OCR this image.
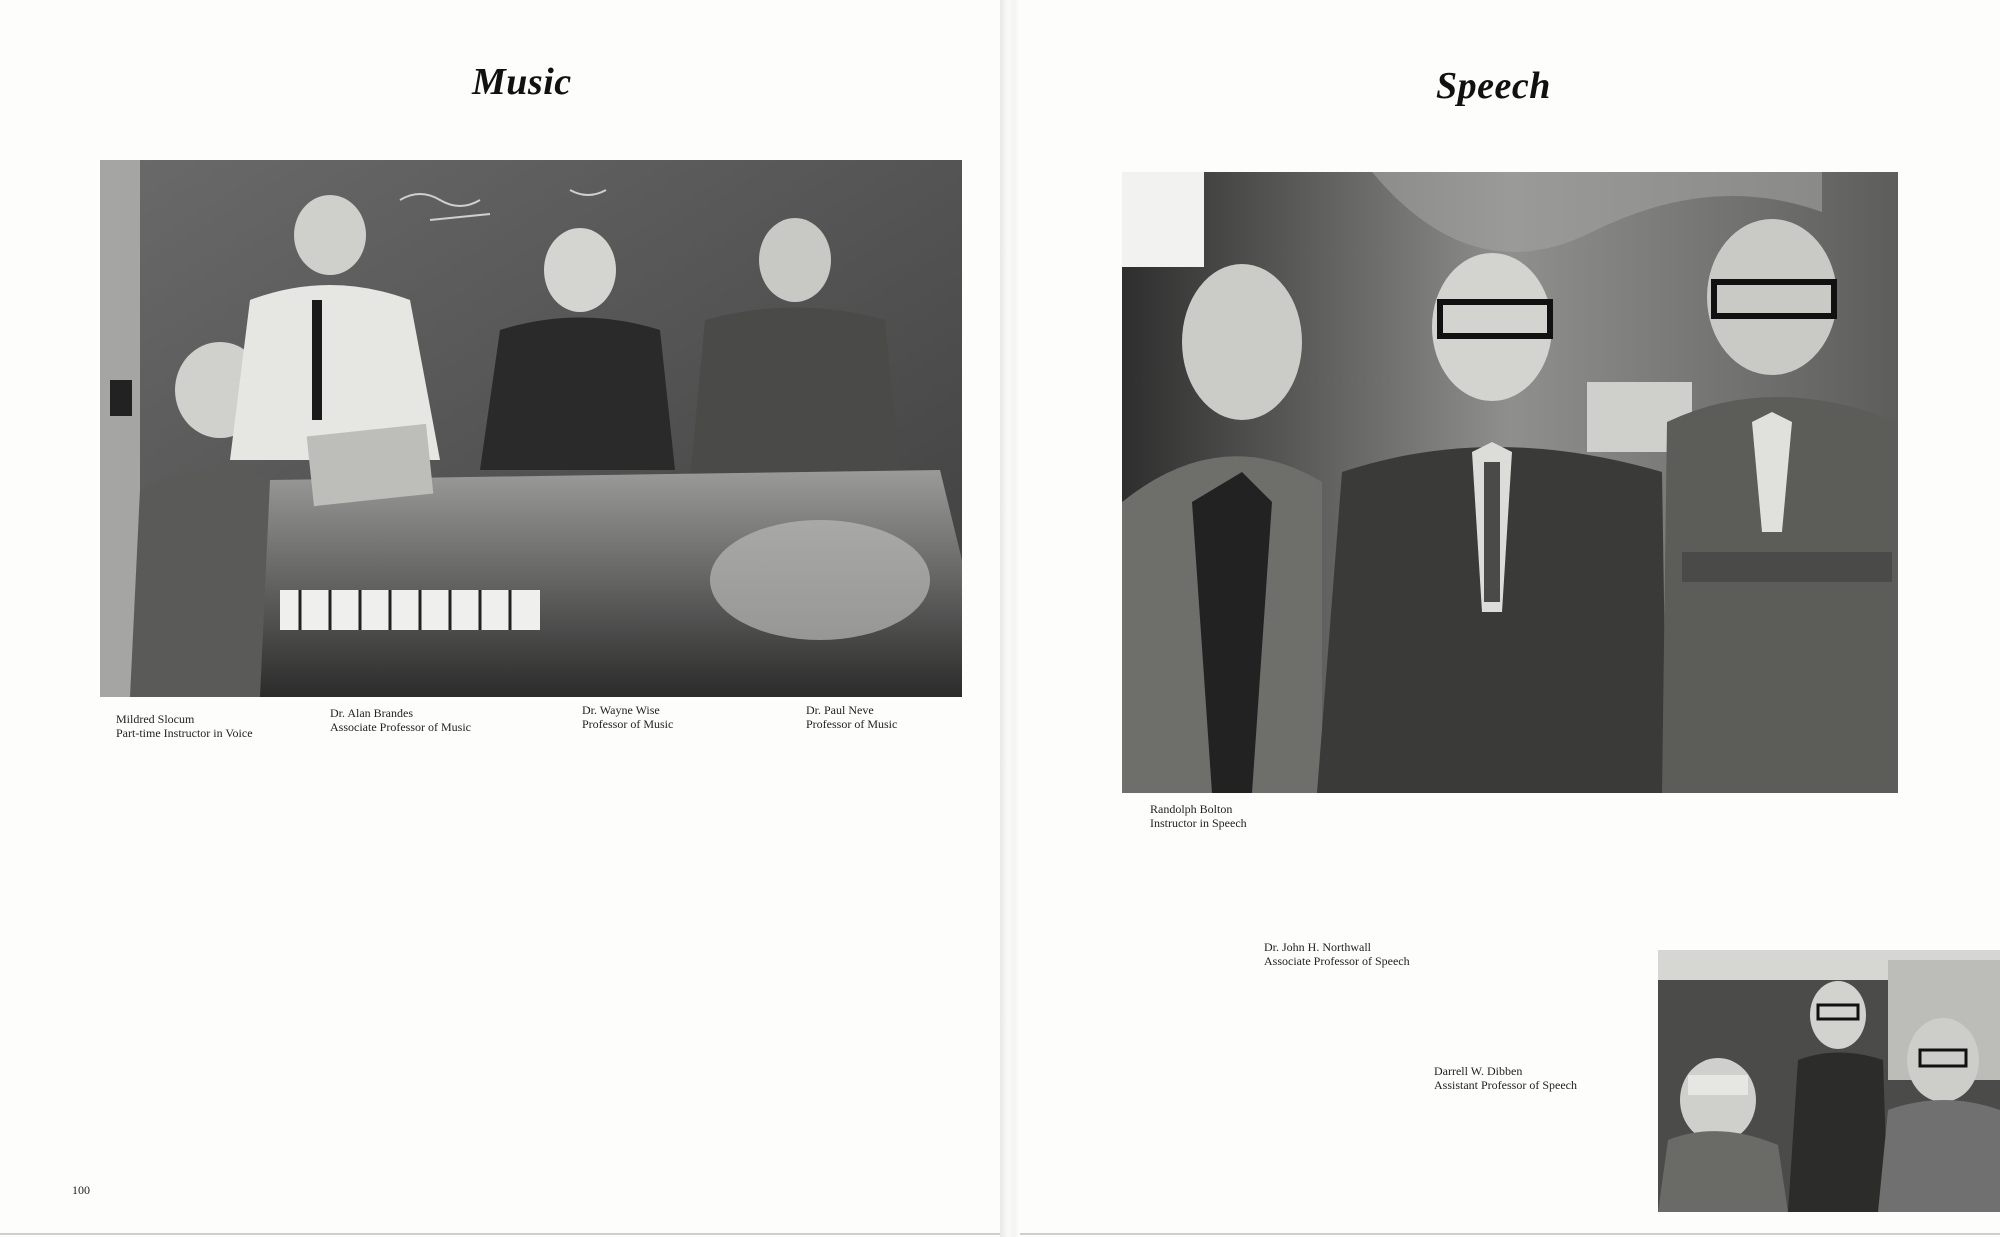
Music
Mildred Slocum
Part-time Instructor in Voice
Dr. Alan Brandes
Associate Professor of Music
Dr. Wayne Wise
Professor of Music
Dr. Paul Neve
Professor of Music
100
Speech
Randolph Bolton
Instructor in Speech
Dr. John H. Northwall
Associate Professor of Speech
Darrell W. Dibben
Assistant Professor of Speech
